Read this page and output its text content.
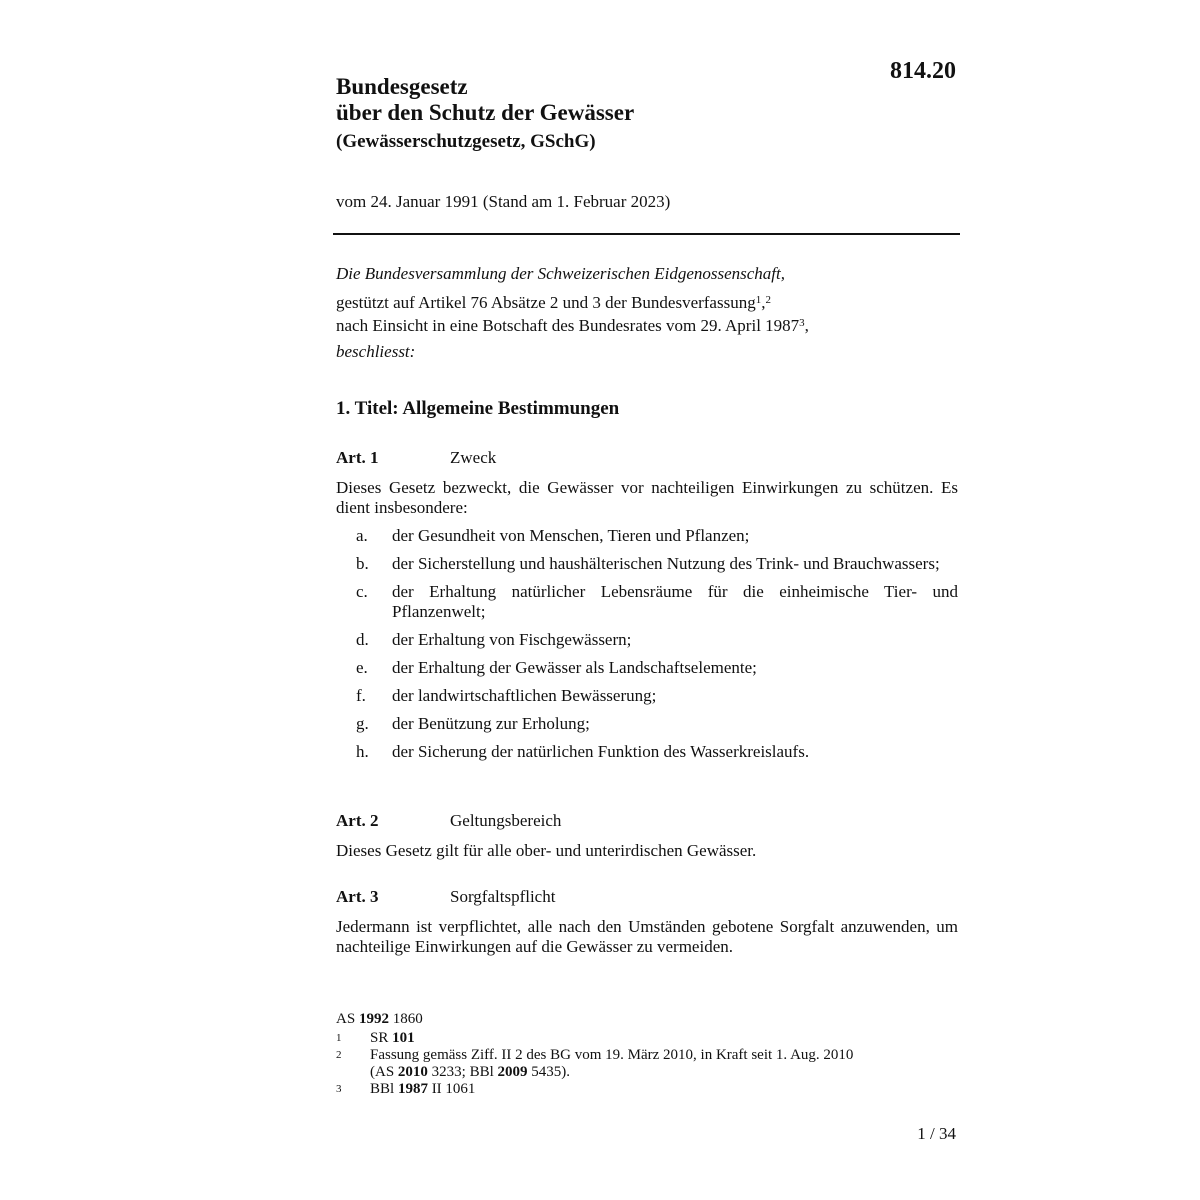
814.20
Bundesgesetz
über den Schutz der Gewässer
(Gewässerschutzgesetz, GSchG)
vom 24. Januar 1991 (Stand am 1. Februar 2023)
Die Bundesversammlung der Schweizerischen Eidgenossenschaft,
gestützt auf Artikel 76 Absätze 2 und 3 der Bundesverfassung$^1$,$^2$
nach Einsicht in eine Botschaft des Bundesrates vom 29. April 1987$^3$,
beschliesst:
1. Titel: Allgemeine Bestimmungen
Art. 1	Zweck
Dieses Gesetz bezweckt, die Gewässer vor nachteiligen Einwirkungen zu schützen. Es dient insbesondere:
a.	der Gesundheit von Menschen, Tieren und Pflanzen;
b.	der Sicherstellung und haushälterischen Nutzung des Trink- und Brauchwassers;
c.	der Erhaltung natürlicher Lebensräume für die einheimische Tier- und Pflanzenwelt;
d.	der Erhaltung von Fischgewässern;
e.	der Erhaltung der Gewässer als Landschaftselemente;
f.	der landwirtschaftlichen Bewässerung;
g.	der Benützung zur Erholung;
h.	der Sicherung der natürlichen Funktion des Wasserkreislaufs.
Art. 2	Geltungsbereich
Dieses Gesetz gilt für alle ober- und unterirdischen Gewässer.
Art. 3	Sorgfaltspflicht
Jedermann ist verpflichtet, alle nach den Umständen gebotene Sorgfalt anzuwenden, um nachteilige Einwirkungen auf die Gewässer zu vermeiden.
AS 1992 1860
1	SR 101
2	Fassung gemäss Ziff. II 2 des BG vom 19. März 2010, in Kraft seit 1. Aug. 2010
(AS 2010 3233; BBl 2009 5435).
3	BBl 1987 II 1061
1 / 34
